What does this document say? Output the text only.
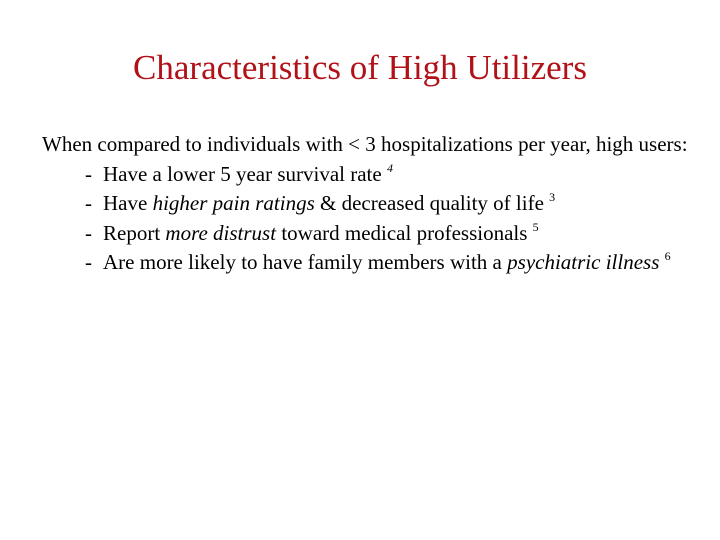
Characteristics of High Utilizers

When compared to individuals with < 3 hospitalizations per year, high users:

- Have a lower 5 year survival rate $^4$
- Have higher pain ratings & decreased quality of life $^3$
- Report more distrust toward medical professionals $^5$
- Are more likely to have family members with a psychiatric illness $^6$
